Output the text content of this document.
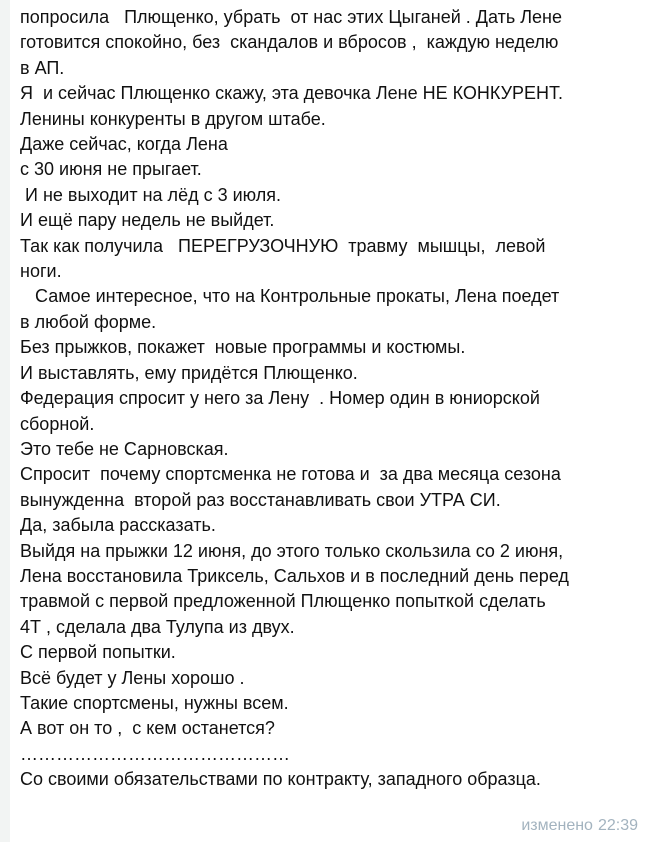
попросила   Плющенко, убрать  от нас этих Цыганей . Дать Лене
готовится спокойно, без  скандалов и вбросов ,  каждую неделю
в АП.
Я  и сейчас Плющенко скажу, эта девочка Лене НЕ КОНКУРЕНТ.
Ленины конкуренты в другом штабе.
Даже сейчас, когда Лена
с 30 июня не прыгает.
И не выходит на лёд с 3 июля.
И ещё пару недель не выйдет.
Так как получила   ПЕРЕГРУЗОЧНУЮ  травму  мышцы,  левой
ноги.
Самое интересное, что на Контрольные прокаты, Лена поедет
в любой форме.
Без прыжков, покажет  новые программы и костюмы.
И выставлять, ему придётся Плющенко.
Федерация спросит у него за Лену  . Номер один в юниорской
сборной.
Это тебе не Сарновская.
Спросит  почему спортсменка не готова и  за два месяца сезона
вынужденна  второй раз восстанавливать свои УТРА СИ.
Да, забыла рассказать.
Выйдя на прыжки 12 июня, до этого только скользила со 2 июня,
Лена восстановила Триксель, Сальхов и в последний день перед
травмой с первой предложенной Плющенко попыткой сделать
4Т , сделала два Тулупа из двух.
С первой попытки.
Всё будет у Лены хорошо .
Такие спортсмены, нужны всем.
А вот он то ,  с кем останется?
………………………………………
Со своими обязательствами по контракту, западного образца.
изменено 22:39
